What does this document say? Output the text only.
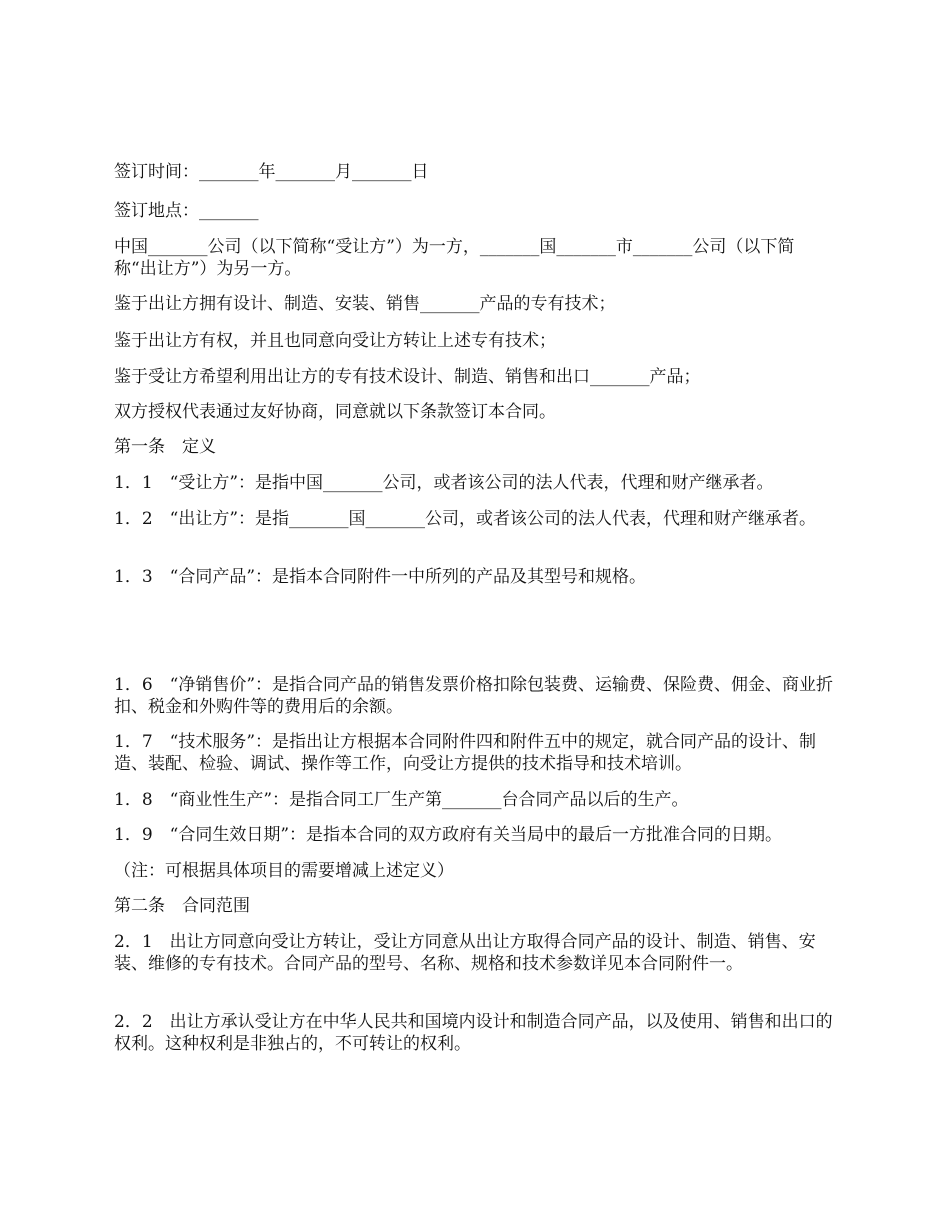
签订时间：_______年_______月_______日

签订地点：_______

中国_______公司（以下简称“受让方”）为一方，_______国_______市_______公司（以下简称“出让方”）为另一方。

鉴于出让方拥有设计、制造、安装、销售_______产品的专有技术；

鉴于出让方有权，并且也同意向受让方转让上述专有技术；

鉴于受让方希望利用出让方的专有技术设计、制造、销售和出口_______产品；

双方授权代表通过友好协商，同意就以下条款签订本合同。

第一条　定义

1．1　“受让方”：是指中国_______公司，或者该公司的法人代表，代理和财产继承者。

1．2　“出让方”：是指_______国_______公司，或者该公司的法人代表，代理和财产继承者。

1．3　“合同产品”：是指本合同附件一中所列的产品及其型号和规格。

1．6　“净销售价”：是指合同产品的销售发票价格扣除包装费、运输费、保险费、佣金、商业折扣、税金和外购件等的费用后的余额。

1．7　“技术服务”：是指出让方根据本合同附件四和附件五中的规定，就合同产品的设计、制造、装配、检验、调试、操作等工作，向受让方提供的技术指导和技术培训。

1．8　“商业性生产”：是指合同工厂生产第_______台合同产品以后的生产。

1．9　“合同生效日期”：是指本合同的双方政府有关当局中的最后一方批准合同的日期。

（注：可根据具体项目的需要增减上述定义）

第二条　合同范围

2．1　出让方同意向受让方转让，受让方同意从出让方取得合同产品的设计、制造、销售、安装、维修的专有技术。合同产品的型号、名称、规格和技术参数详见本合同附件一。

2．2　出让方承认受让方在中华人民共和国境内设计和制造合同产品，以及使用、销售和出口的权利。这种权利是非独占的，不可转让的权利。
